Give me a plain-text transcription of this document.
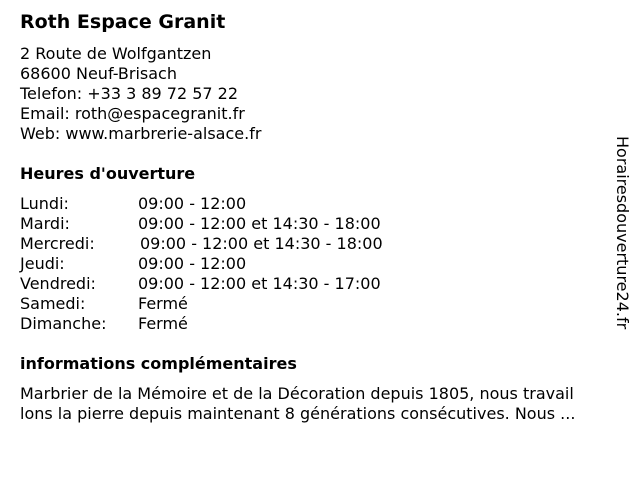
Roth Espace Granit
2 Route de Wolfgantzen
68600 Neuf-Brisach
Telefon: +33 3 89 72 57 22
Email: roth@espacegranit.fr
Web: www.marbrerie-alsace.fr
Heures d'ouverture
Lundi:	09:00 - 12:00
Mardi:	09:00 - 12:00 et 14:30 - 18:00
Mercredi:	09:00 - 12:00 et 14:30 - 18:00
Jeudi:	09:00 - 12:00
Vendredi:	09:00 - 12:00 et 14:30 - 17:00
Samedi:	Fermé
Dimanche: Fermé
informations complémentaires
Marbrier de la Mémoire et de la Décoration depuis 1805, nous travail
lons la pierre depuis maintenant 8 générations consécutives. Nous ...
Horairesdouverture24.fr
